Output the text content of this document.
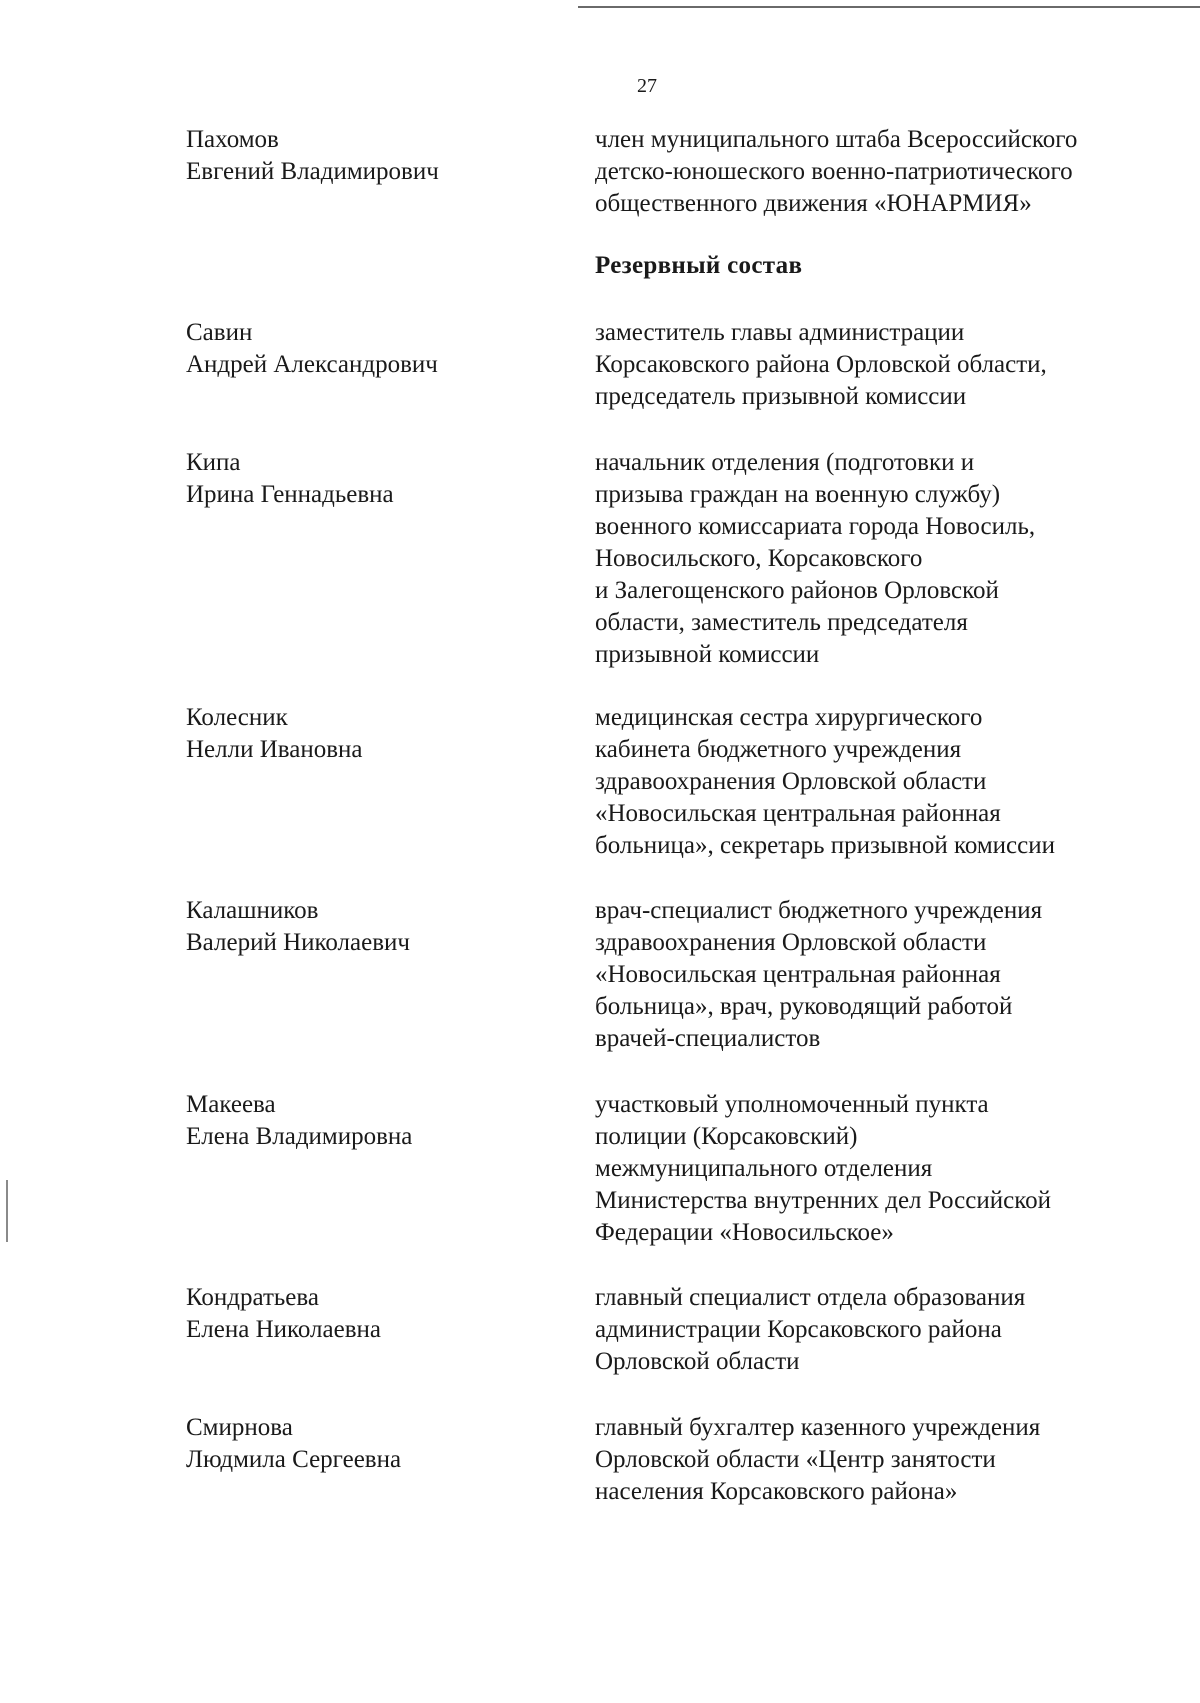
27
Резервный состав
Пахомов
Евгений Владимирович
член муниципального штаба Всероссийского
детско-юношеского военно-патриотического
общественного движения «ЮНАРМИЯ»
Савин
Андрей Александрович
заместитель главы администрации
Корсаковского района Орловской области,
председатель призывной комиссии
Кипа
Ирина Геннадьевна
начальник отделения (подготовки и
призыва граждан на военную службу)
военного комиссариата города Новосиль,
Новосильского, Корсаковского
и Залегощенского районов Орловской
области, заместитель председателя
призывной комиссии
Колесник
Нелли Ивановна
медицинская сестра хирургического
кабинета бюджетного учреждения
здравоохранения Орловской области
«Новосильская центральная районная
больница», секретарь призывной комиссии
Калашников
Валерий Николаевич
врач-специалист бюджетного учреждения
здравоохранения Орловской области
«Новосильская центральная районная
больница», врач, руководящий работой
врачей-специалистов
Макеева
Елена Владимировна
участковый уполномоченный пункта
полиции (Корсаковский)
межмуниципального отделения
Министерства внутренних дел Российской
Федерации «Новосильское»
Кондратьева
Елена Николаевна
главный специалист отдела образования
администрации Корсаковского района
Орловской области
Смирнова
Людмила Сергеевна
главный бухгалтер казенного учреждения
Орловской области «Центр занятости
населения Корсаковского района»
